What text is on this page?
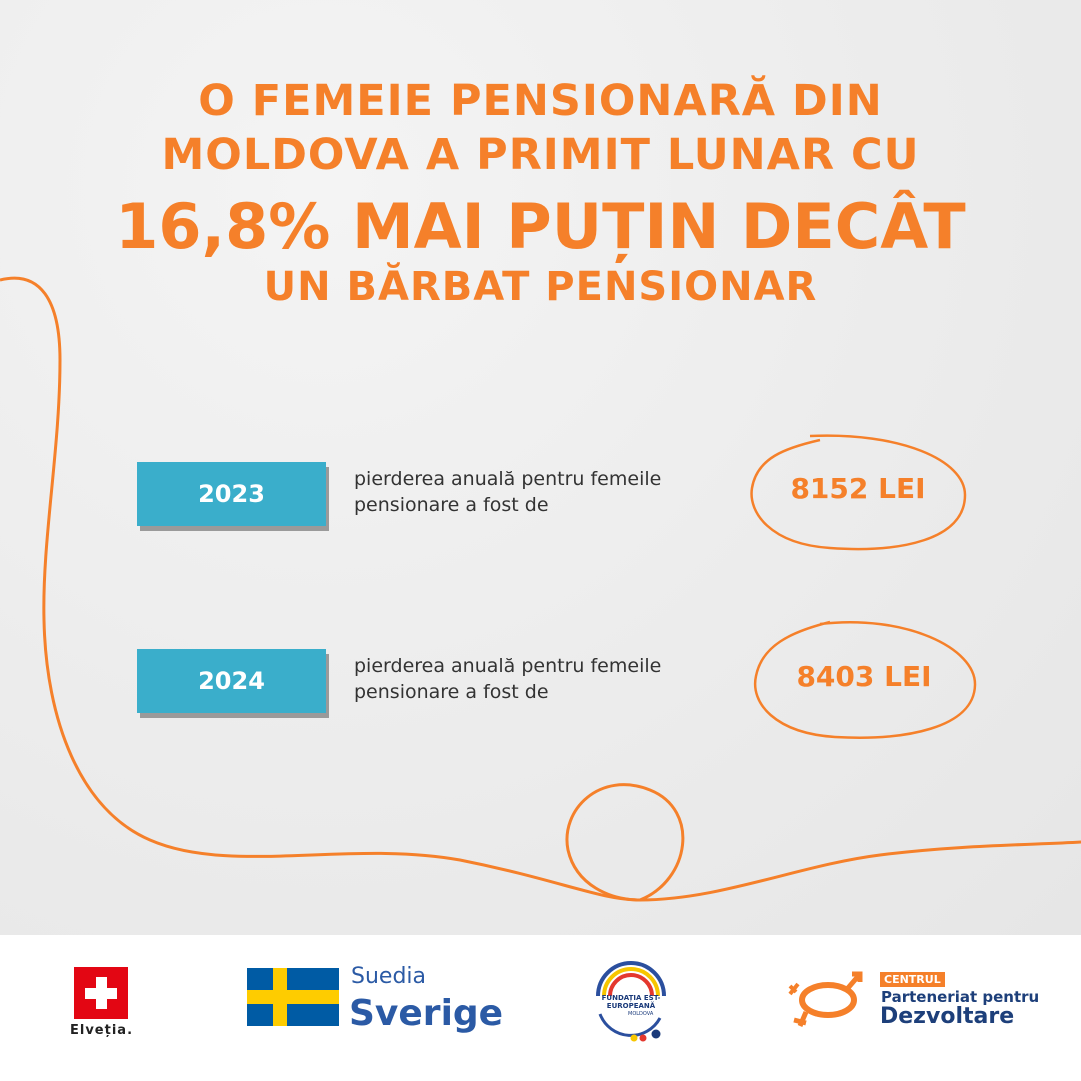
O FEMEIE PENSIONARĂ DIN
MOLDOVA A PRIMIT LUNAR CU
16,8% MAI PUȚIN DECÂT
UN BĂRBAT PENSIONAR
2023
pierderea anuală pentru femeile
pensionare a fost de	8152 LEI
2024
pierderea anuală pentru femeile
pensionare a fost de	8403 LEI
Elveția.
Suedia
Sverige	FUNDAȚIA EST-EUROPEANĂ
MOLDOVA
CENTRUL
Parteneriat pentru
Dezvoltare
